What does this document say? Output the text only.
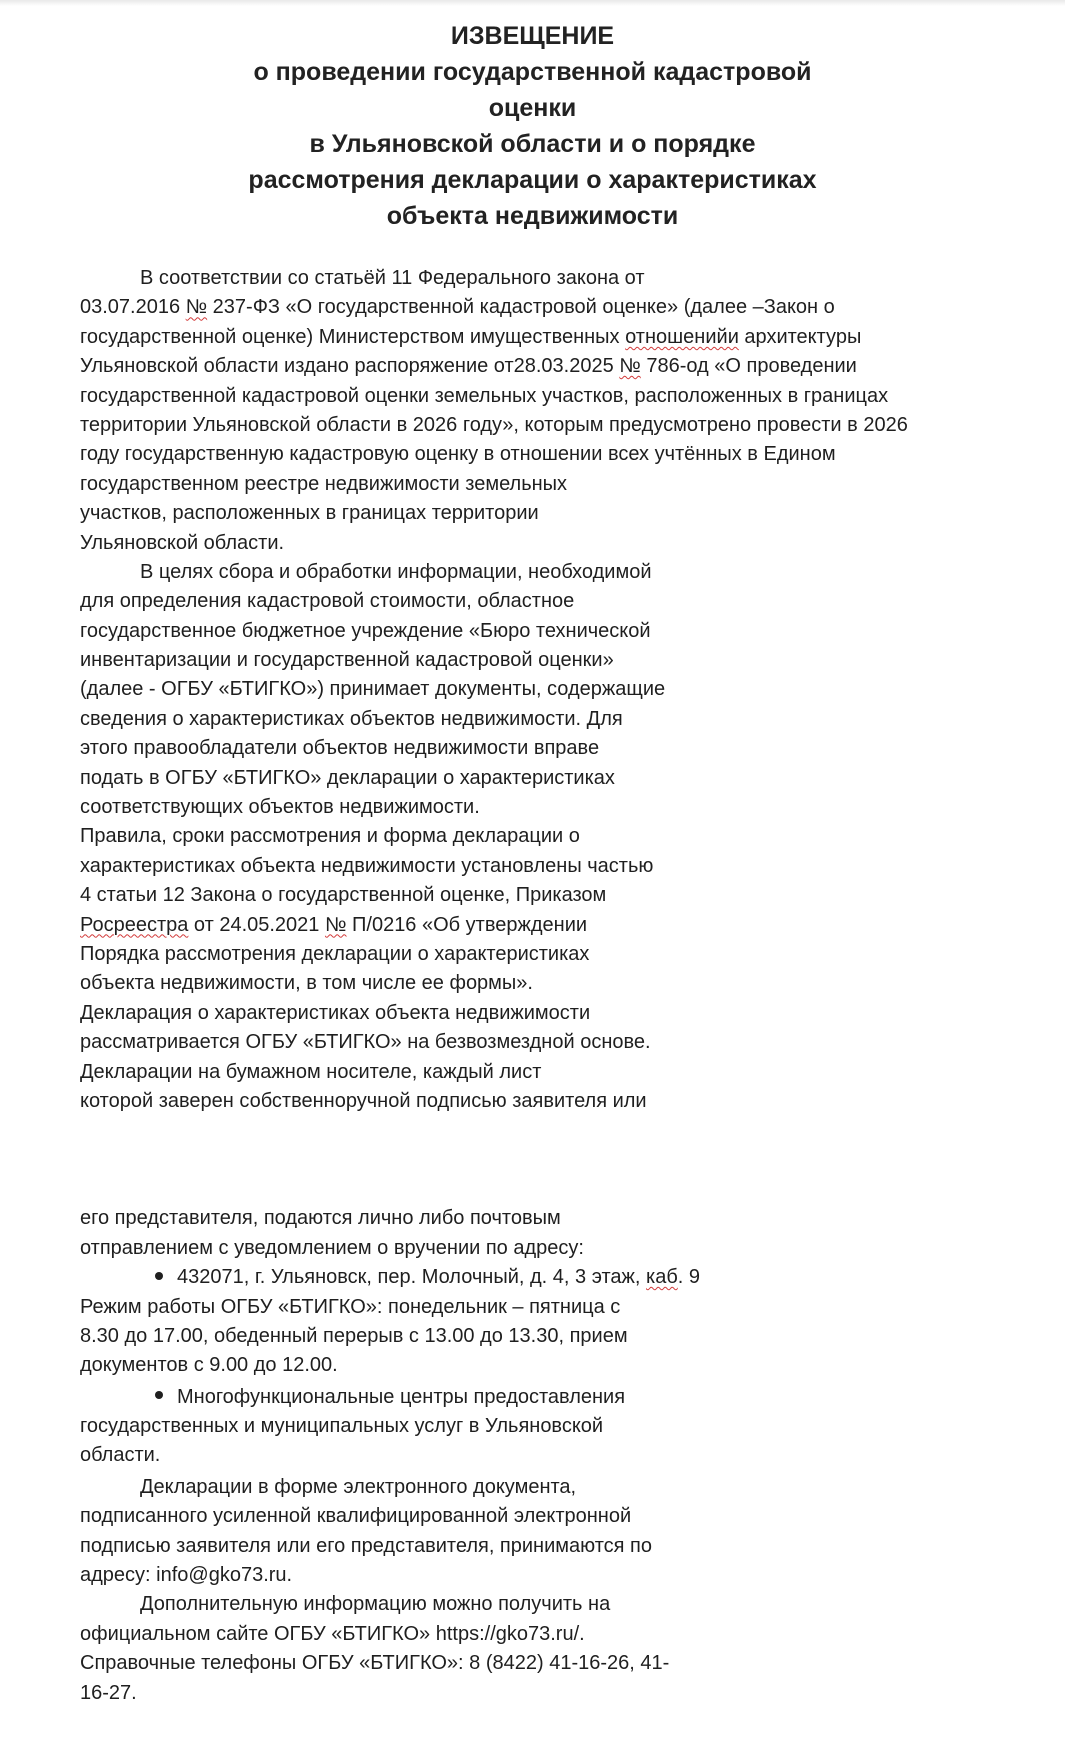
ИЗВЕЩЕНИЕ
о проведении государственной кадастровой
оценки
в Ульяновской области и о порядке
рассмотрения декларации о характеристиках
объекта недвижимости
В соответствии со статьёй 11 Федерального закона от
03.07.2016 № 237-ФЗ «О государственной кадастровой оценке» (далее –Закон о
государственной оценке) Министерством имущественных отношенийи архитектуры
Ульяновской области издано распоряжение от28.03.2025 № 786-од «О проведении
государственной кадастровой оценки земельных участков, расположенных в границах
территории Ульяновской области в 2026 году», которым предусмотрено провести в 2026
году государственную кадастровую оценку в отношении всех учтённых в Едином
государственном реестре недвижимости земельных
участков, расположенных в границах территории
Ульяновской области.
В целях сбора и обработки информации, необходимой
для определения кадастровой стоимости, областное
государственное бюджетное учреждение «Бюро технической
инвентаризации и государственной кадастровой оценки»
(далее - ОГБУ «БТИГКО») принимает документы, содержащие
сведения о характеристиках объектов недвижимости. Для
этого правообладатели объектов недвижимости вправе
подать в ОГБУ «БТИГКО» декларации о характеристиках
соответствующих объектов недвижимости.
Правила, сроки рассмотрения и форма декларации о
характеристиках объекта недвижимости установлены частью
4 статьи 12 Закона о государственной оценке, Приказом
Росреестра от 24.05.2021 № П/0216 «Об утверждении
Порядка рассмотрения декларации о характеристиках
объекта недвижимости, в том числе ее формы».
Декларация о характеристиках объекта недвижимости
рассматривается ОГБУ «БТИГКО» на безвозмездной основе.
Декларации на бумажном носителе, каждый лист
которой заверен собственноручной подписью заявителя или
его представителя, подаются лично либо почтовым
отправлением с уведомлением о вручении по адресу:
432071, г. Ульяновск, пер. Молочный, д. 4, 3 этаж, каб. 9
Режим работы ОГБУ «БТИГКО»: понедельник – пятница с
8.30 до 17.00, обеденный перерыв с 13.00 до 13.30, прием
документов с 9.00 до 12.00.
Многофункциональные центры предоставления
государственных и муниципальных услуг в Ульяновской
области.
Декларации в форме электронного документа,
подписанного усиленной квалифицированной электронной
подписью заявителя или его представителя, принимаются по
адресу: info@gko73.ru.
Дополнительную информацию можно получить на
официальном сайте ОГБУ «БТИГКО» https://gko73.ru/.
Справочные телефоны ОГБУ «БТИГКО»: 8 (8422) 41-16-26, 41-
16-27.
